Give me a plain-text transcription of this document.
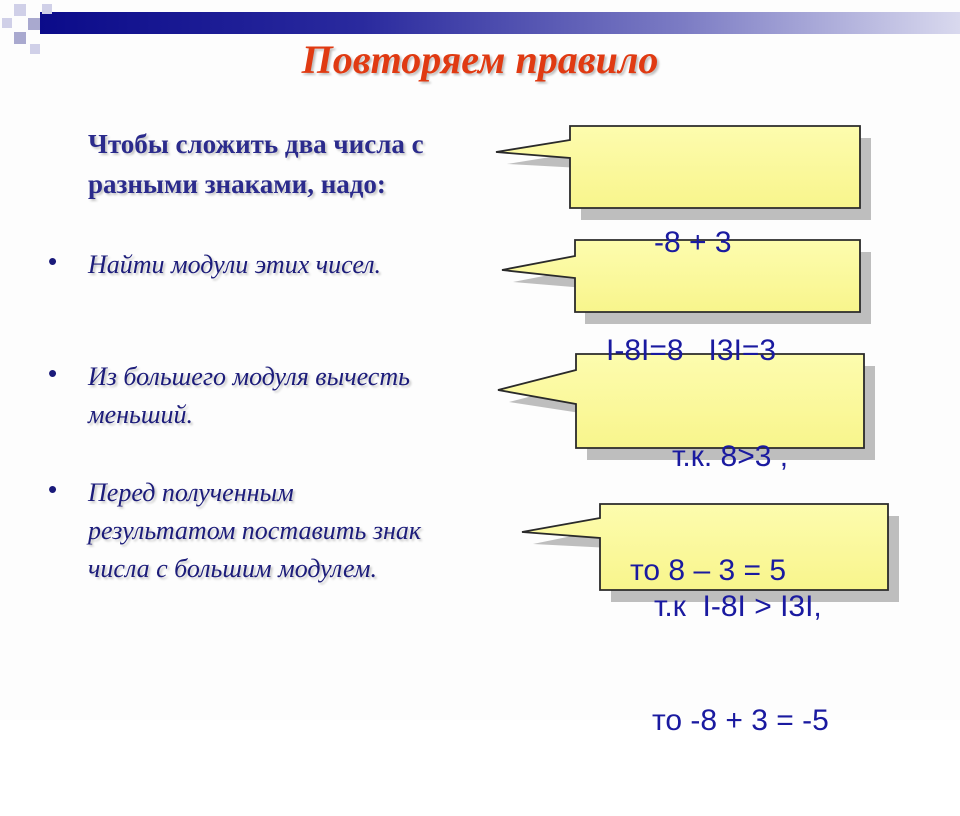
Повторяем правило
Чтобы сложить два числа с
разными знаками, надо:
• Найти модули этих чисел.
• Из большего модуля вычесть
меньший.
• Перед полученным
результатом поставить знак
числа с большим модулем.

-8 + 3

I-8I=8   I3I=3

т.к. 8>3 ,

то 8 – 3 = 5

т.к  I-8I > I3I,

то -8 + 3 = -5
